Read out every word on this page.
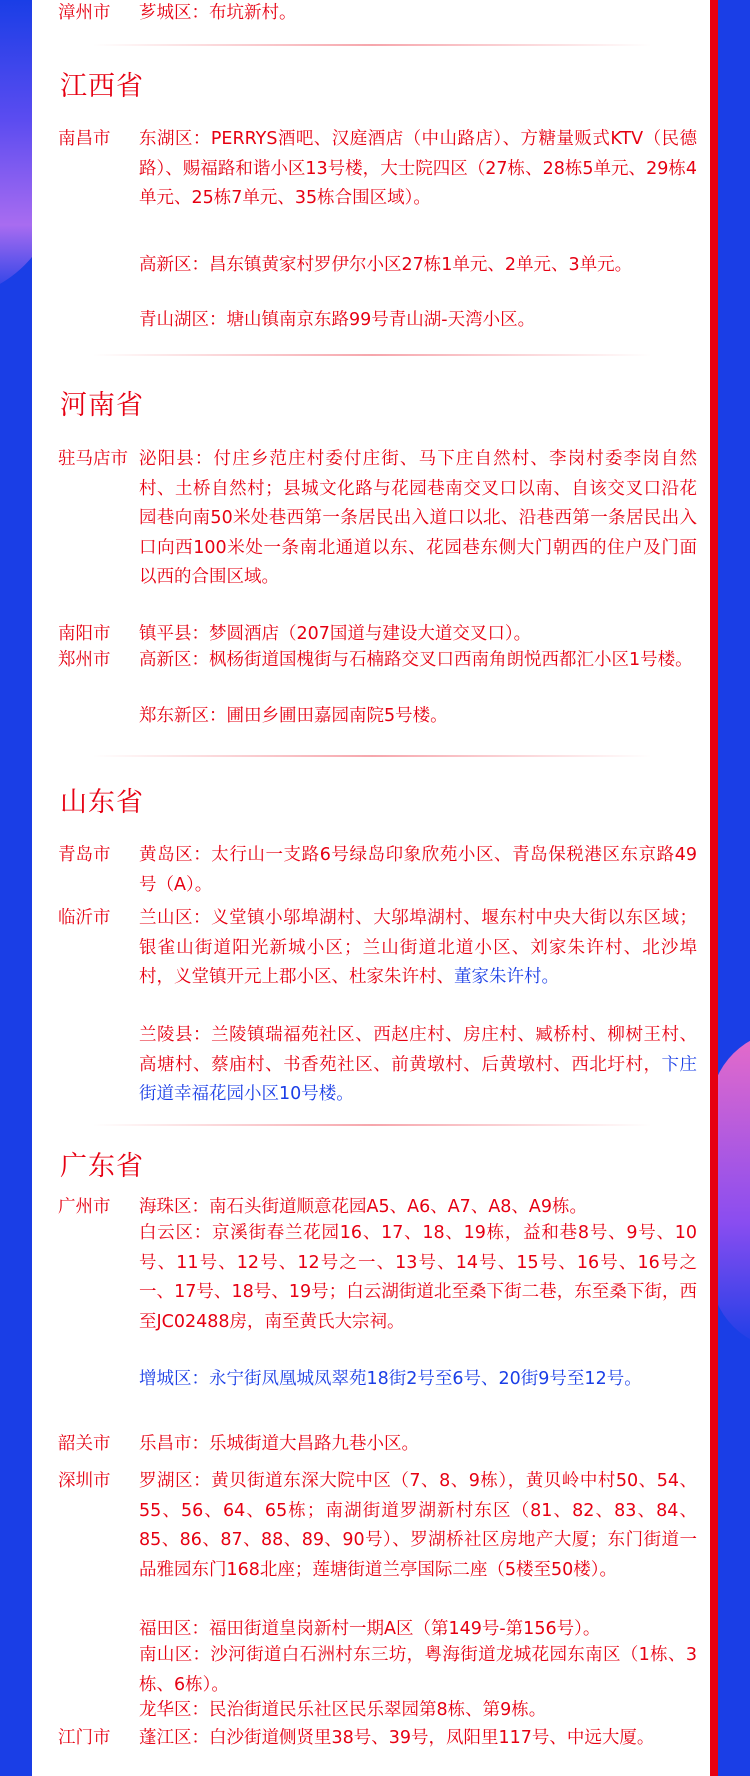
漳州市 芗城区：布坑新村。
江西省
南昌市 东湖区：PERRYS酒吧、汉庭酒店（中山路店）、方糖量贩式KTV（民德路）、赐福路和谐小区13号楼，大士院四区（27栋、28栋5单元、29栋4单元、25栋7单元、35栋合围区域）。
高新区：昌东镇黄家村罗伊尔小区27栋1单元、2单元、3单元。
青山湖区：塘山镇南京东路99号青山湖-天湾小区。
河南省
驻马店市 泌阳县：付庄乡范庄村委付庄街、马下庄自然村、李岗村委李岗自然村、土桥自然村；县城文化路与花园巷南交叉口以南、自该交叉口沿花园巷向南50米处巷西第一条居民出入道口以北、沿巷西第一条居民出入口向西100米处一条南北通道以东、花园巷东侧大门朝西的住户及门面以西的合围区域。
南阳市 镇平县：梦圆酒店（207国道与建设大道交叉口）。
郑州市 高新区：枫杨街道国槐街与石楠路交叉口西南角朗悦西都汇小区1号楼。
郑东新区：圃田乡圃田嘉园南院5号楼。
山东省
青岛市 黄岛区：太行山一支路6号绿岛印象欣苑小区、青岛保税港区东京路49号（A）。
临沂市 兰山区：义堂镇小邬埠湖村、大邬埠湖村、堰东村中央大街以东区域；银雀山街道阳光新城小区；兰山街道北道小区、刘家朱许村、北沙埠村，义堂镇开元上郡小区、杜家朱许村、董家朱许村。
兰陵县：兰陵镇瑞福苑社区、西赵庄村、房庄村、臧桥村、柳树王村、高塘村、蔡庙村、书香苑社区、前黄墩村、后黄墩村、西北圩村，卞庄街道幸福花园小区10号楼。
广东省
广州市 海珠区：南石头街道顺意花园A5、A6、A7、A8、A9栋。
白云区：京溪街春兰花园16、17、18、19栋，益和巷8号、9号、10号、11号、12号、12号之一、13号、14号、15号、16号、16号之一、17号、18号、19号；白云湖街道北至桑下街二巷，东至桑下街，西至JC02488房，南至黄氏大宗祠。
增城区：永宁街凤凰城凤翠苑18街2号至6号、20街9号至12号。
韶关市 乐昌市：乐城街道大昌路九巷小区。
深圳市 罗湖区：黄贝街道东深大院中区（7、8、9栋），黄贝岭中村50、54、55、56、64、65栋；南湖街道罗湖新村东区（81、82、83、84、85、86、87、88、89、90号）、罗湖桥社区房地产大厦；东门街道一品雅园东门168北座；莲塘街道兰亭国际二座（5楼至50楼）。
福田区：福田街道皇岗新村一期A区（第149号-第156号）。
南山区：沙河街道白石洲村东三坊，粤海街道龙城花园东南区（1栋、3栋、6栋）。
龙华区：民治街道民乐社区民乐翠园第8栋、第9栋。
江门市 蓬江区：白沙街道侧贤里38号、39号，凤阳里117号、中远大厦。
